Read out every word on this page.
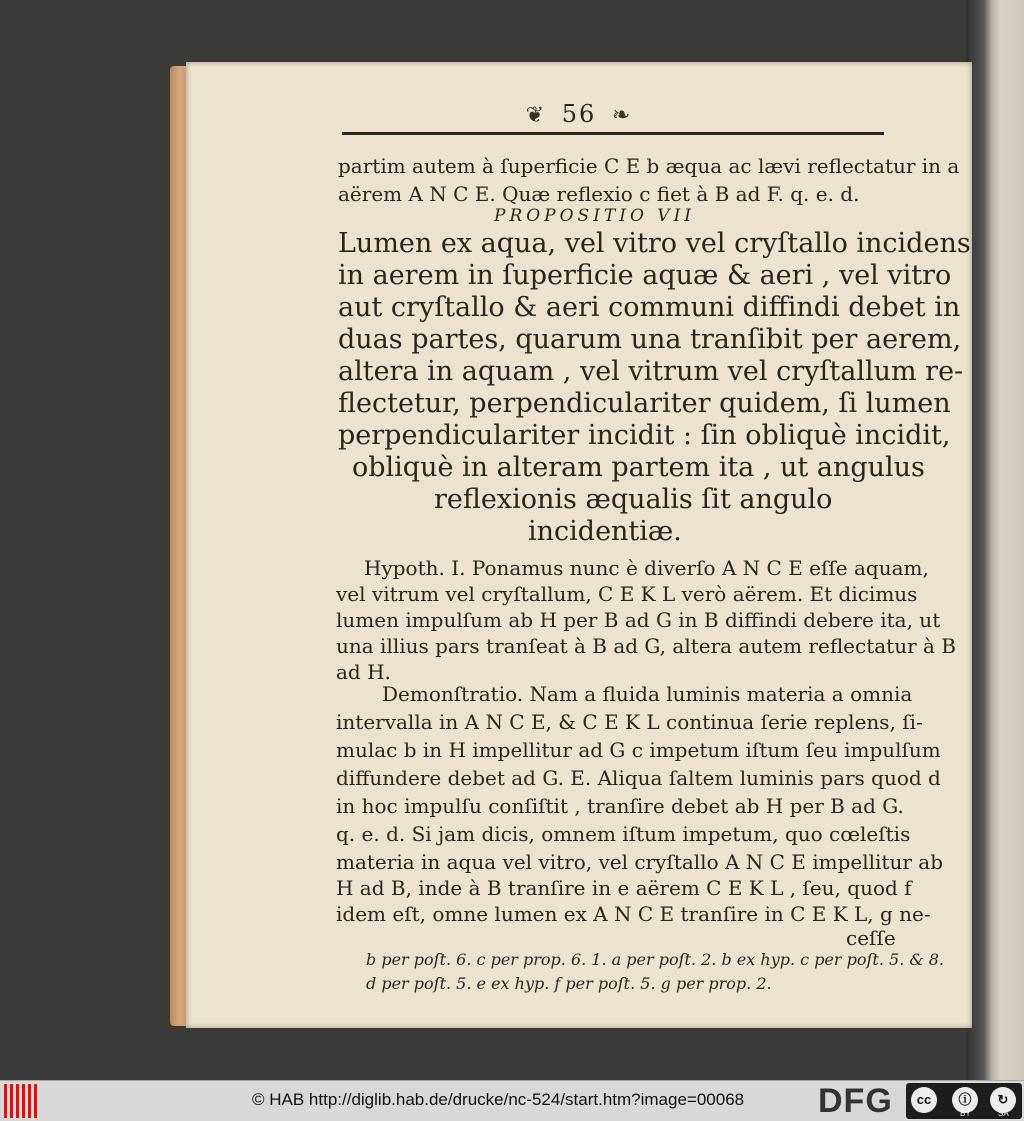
❦ 56 ❧
partim autem à ſuperficie C E b æqua ac lævi reflectatur in a
aërem A N C E. Quæ reflexio c fiet à B ad F. q. e. d.
PROPOSITIO VII
Lumen ex aqua, vel vitro vel cryſtallo incidens
in aerem in ſuperficie aquæ & aeri , vel vitro
aut cryſtallo & aeri communi diffindi debet in
duas partes, quarum una tranſibit per aerem,
altera in aquam , vel vitrum vel cryſtallum re-
flectetur, perpendiculariter quidem, ſi lumen
perpendiculariter incidit : ſin obliquè incidit,
obliquè in alteram partem ita , ut angulus
reflexionis æqualis ſit angulo
incidentiæ.
Hypoth. I. Ponamus nunc è diverſo A N C E eſſe aquam,
vel vitrum vel cryſtallum, C E K L verò aërem. Et dicimus
lumen impulſum ab H per B ad G in B diffindi debere ita, ut
una illius pars tranſeat à B ad G, altera autem reflectatur à B
ad H.
Demonſtratio. Nam a fluida luminis materia a omnia
intervalla in A N C E, & C E K L continua ſerie replens, ſi-
mulac b in H impellitur ad G c impetum iſtum ſeu impulſum
diffundere debet ad G. E. Aliqua ſaltem luminis pars quod d
in hoc impulſu conſiſtit , tranſire debet ab H per B ad G.
q. e. d. Si jam dicis, omnem iſtum impetum, quo cœleſtis
materia in aqua vel vitro, vel cryſtallo A N C E impellitur ab
H ad B, inde à B tranſire in e aërem C E K L , ſeu, quod f
idem eſt, omne lumen ex A N C E tranſire in C E K L, g ne-
ceſſe
b per poſt. 6. c per prop. 6. 1. a per poſt. 2. b ex hyp. c per poſt. 5. & 8.
d per poſt. 5. e ex hyp. f per poſt. 5. g per prop. 2.
© HAB http://diglib.hab.de/drucke/nc-524/start.htm?image=00068 DFG	cc	ⓘ	↻
BY	SA
